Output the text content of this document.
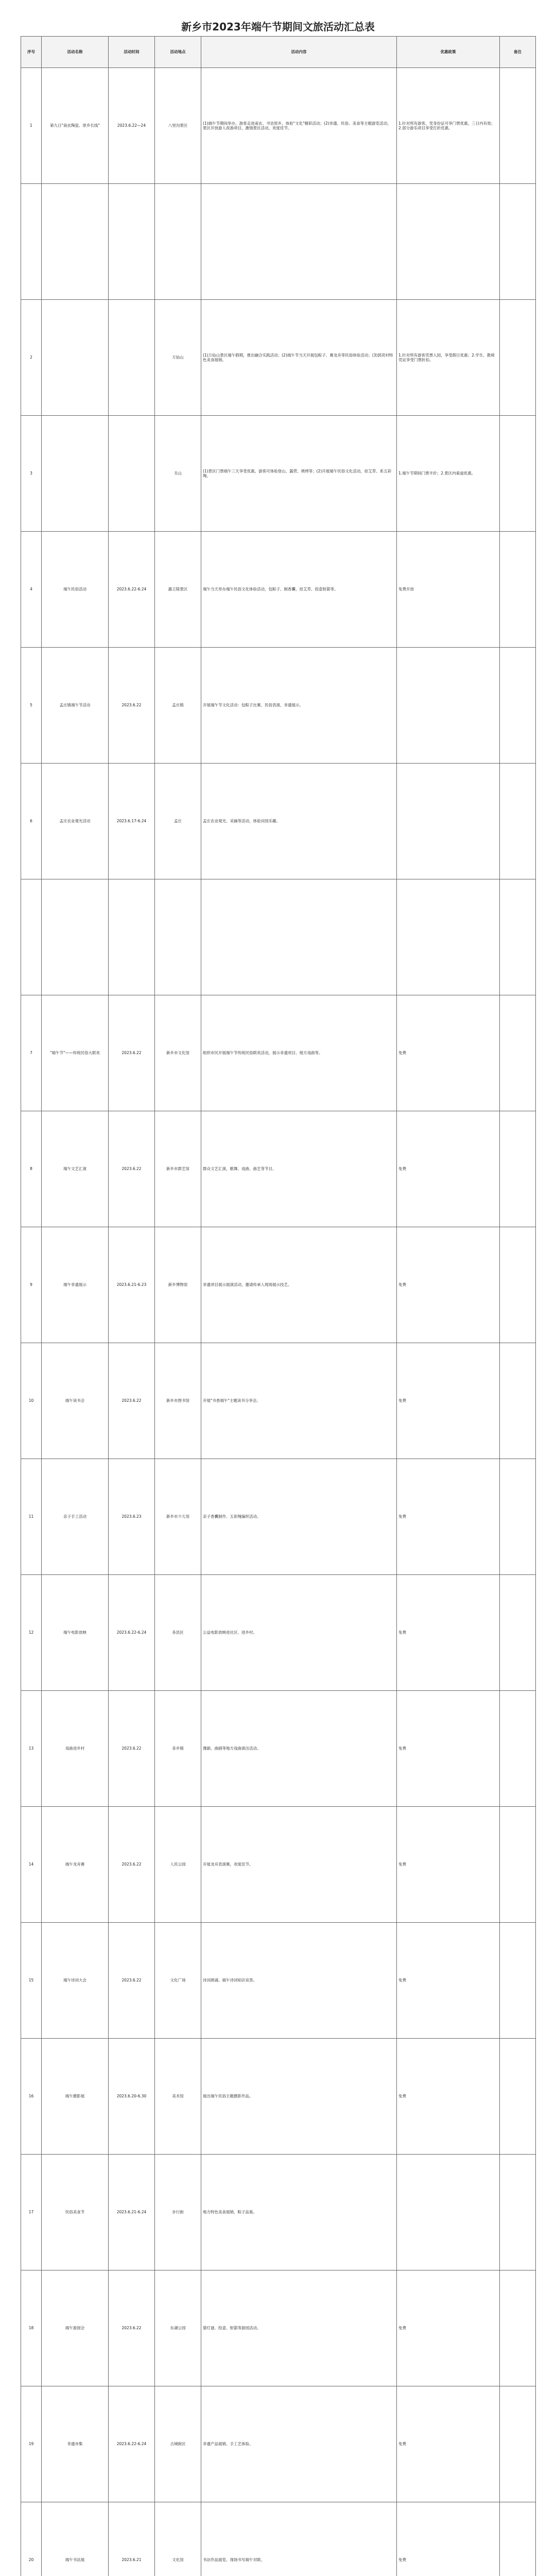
新乡市2023年端午节期间文旅活动汇总表
序号	活动名称	活动时间	活动地点	活动内容	优惠政策	备注
1	第九日"南玄陶瓷、原乡长线"	2023.6.22—24	八里沟景区	(1)端午节期间举办，游客走进南玄、寻访原乡，体验"文化"精彩活动；(2)非遗、民俗、美食等主题游览活动，景区开放游人夜游项目，激情景区活动，欢度佳节。	1.针对所有游客，凭身份证可享门票优惠，三日内有效；2.部分游乐项目享受打折优惠。	

2			万仙山	(1)万仙山景区端午假期，推出融合实践活动；(2)端午节当天开展包粽子、赛龙舟等民俗体验活动；(3)郭亮村特色美食展销。	1.针对所有游客凭票入园，享受假日优惠；2.学生、教师凭证享受门票折扣。	
3			关山	(1)景区门票端午三天享受优惠，游客可体验登山、露营、烧烤等；(2)开展端午民俗文化活动，挂艾草、系五彩绳。	1.端午节期间门票半价；2.景区内索道优惠。	
4	端午民俗活动	2023.6.22-6.24	潞王陵景区	端午当天举办端午民俗文化体验活动，包粽子、制香囊、挂艾草、投壶射箭等。	免费开放	
5	孟庄镇端午节活动	2023.6.22	孟庄镇	开展端午节文化活动：包粽子比赛、民俗表演、非遗展示。		
6	孟庄农业观光活动	2023.6.17-6.24	孟庄	孟庄农业观光、采摘等活动，体验田园乐趣。		

7	"端午节"——传统民俗大联欢	2023.6.22	新乡市文化馆	组织市民开展端午节传统民俗联欢活动，展示非遗项目、地方戏曲等。	免费	
8	端午文艺汇演	2023.6.22	新乡市群艺馆	群众文艺汇演，歌舞、戏曲、曲艺等节目。	免费	
9	端午非遗展示	2023.6.21-6.23	新乡博物馆	非遗项目展示展演活动，邀请传承人现场展示技艺。	免费	
10	端午读书会	2023.6.22	新乡市图书馆	开展"书香端午"主题读书分享会。	免费	
11	亲子手工活动	2023.6.23	新乡市少儿馆	亲子香囊制作、五彩绳编织活动。	免费	
12	端午电影放映	2023.6.22-6.24	各县区	公益电影放映进社区、进乡村。	免费	
13	戏曲进乡村	2023.6.22	各乡镇	豫剧、曲剧等地方戏曲演出活动。	免费	
14	端午龙舟赛	2023.6.22	人民公园	开展龙舟表演赛，欢度佳节。	免费	
15	端午诗词大会	2023.6.22	文化广场	诗词朗诵、端午诗词知识竞答。	免费	
16	端午摄影展	2023.6.20-6.30	美术馆	展出端午民俗主题摄影作品。	免费	
17	民俗美食节	2023.6.21-6.24	步行街	地方特色美食展销、粽子品鉴。		
18	端午游园会	2023.6.22	东湖公园	猜灯谜、投壶、射箭等游园活动。	免费	
19	非遗市集	2023.6.22-6.24	古城街区	非遗产品展销、手工艺体验。	免费	
20	端午书法展	2023.6.21	文化馆	书法作品展览、现场书写端午对联。	免费	
